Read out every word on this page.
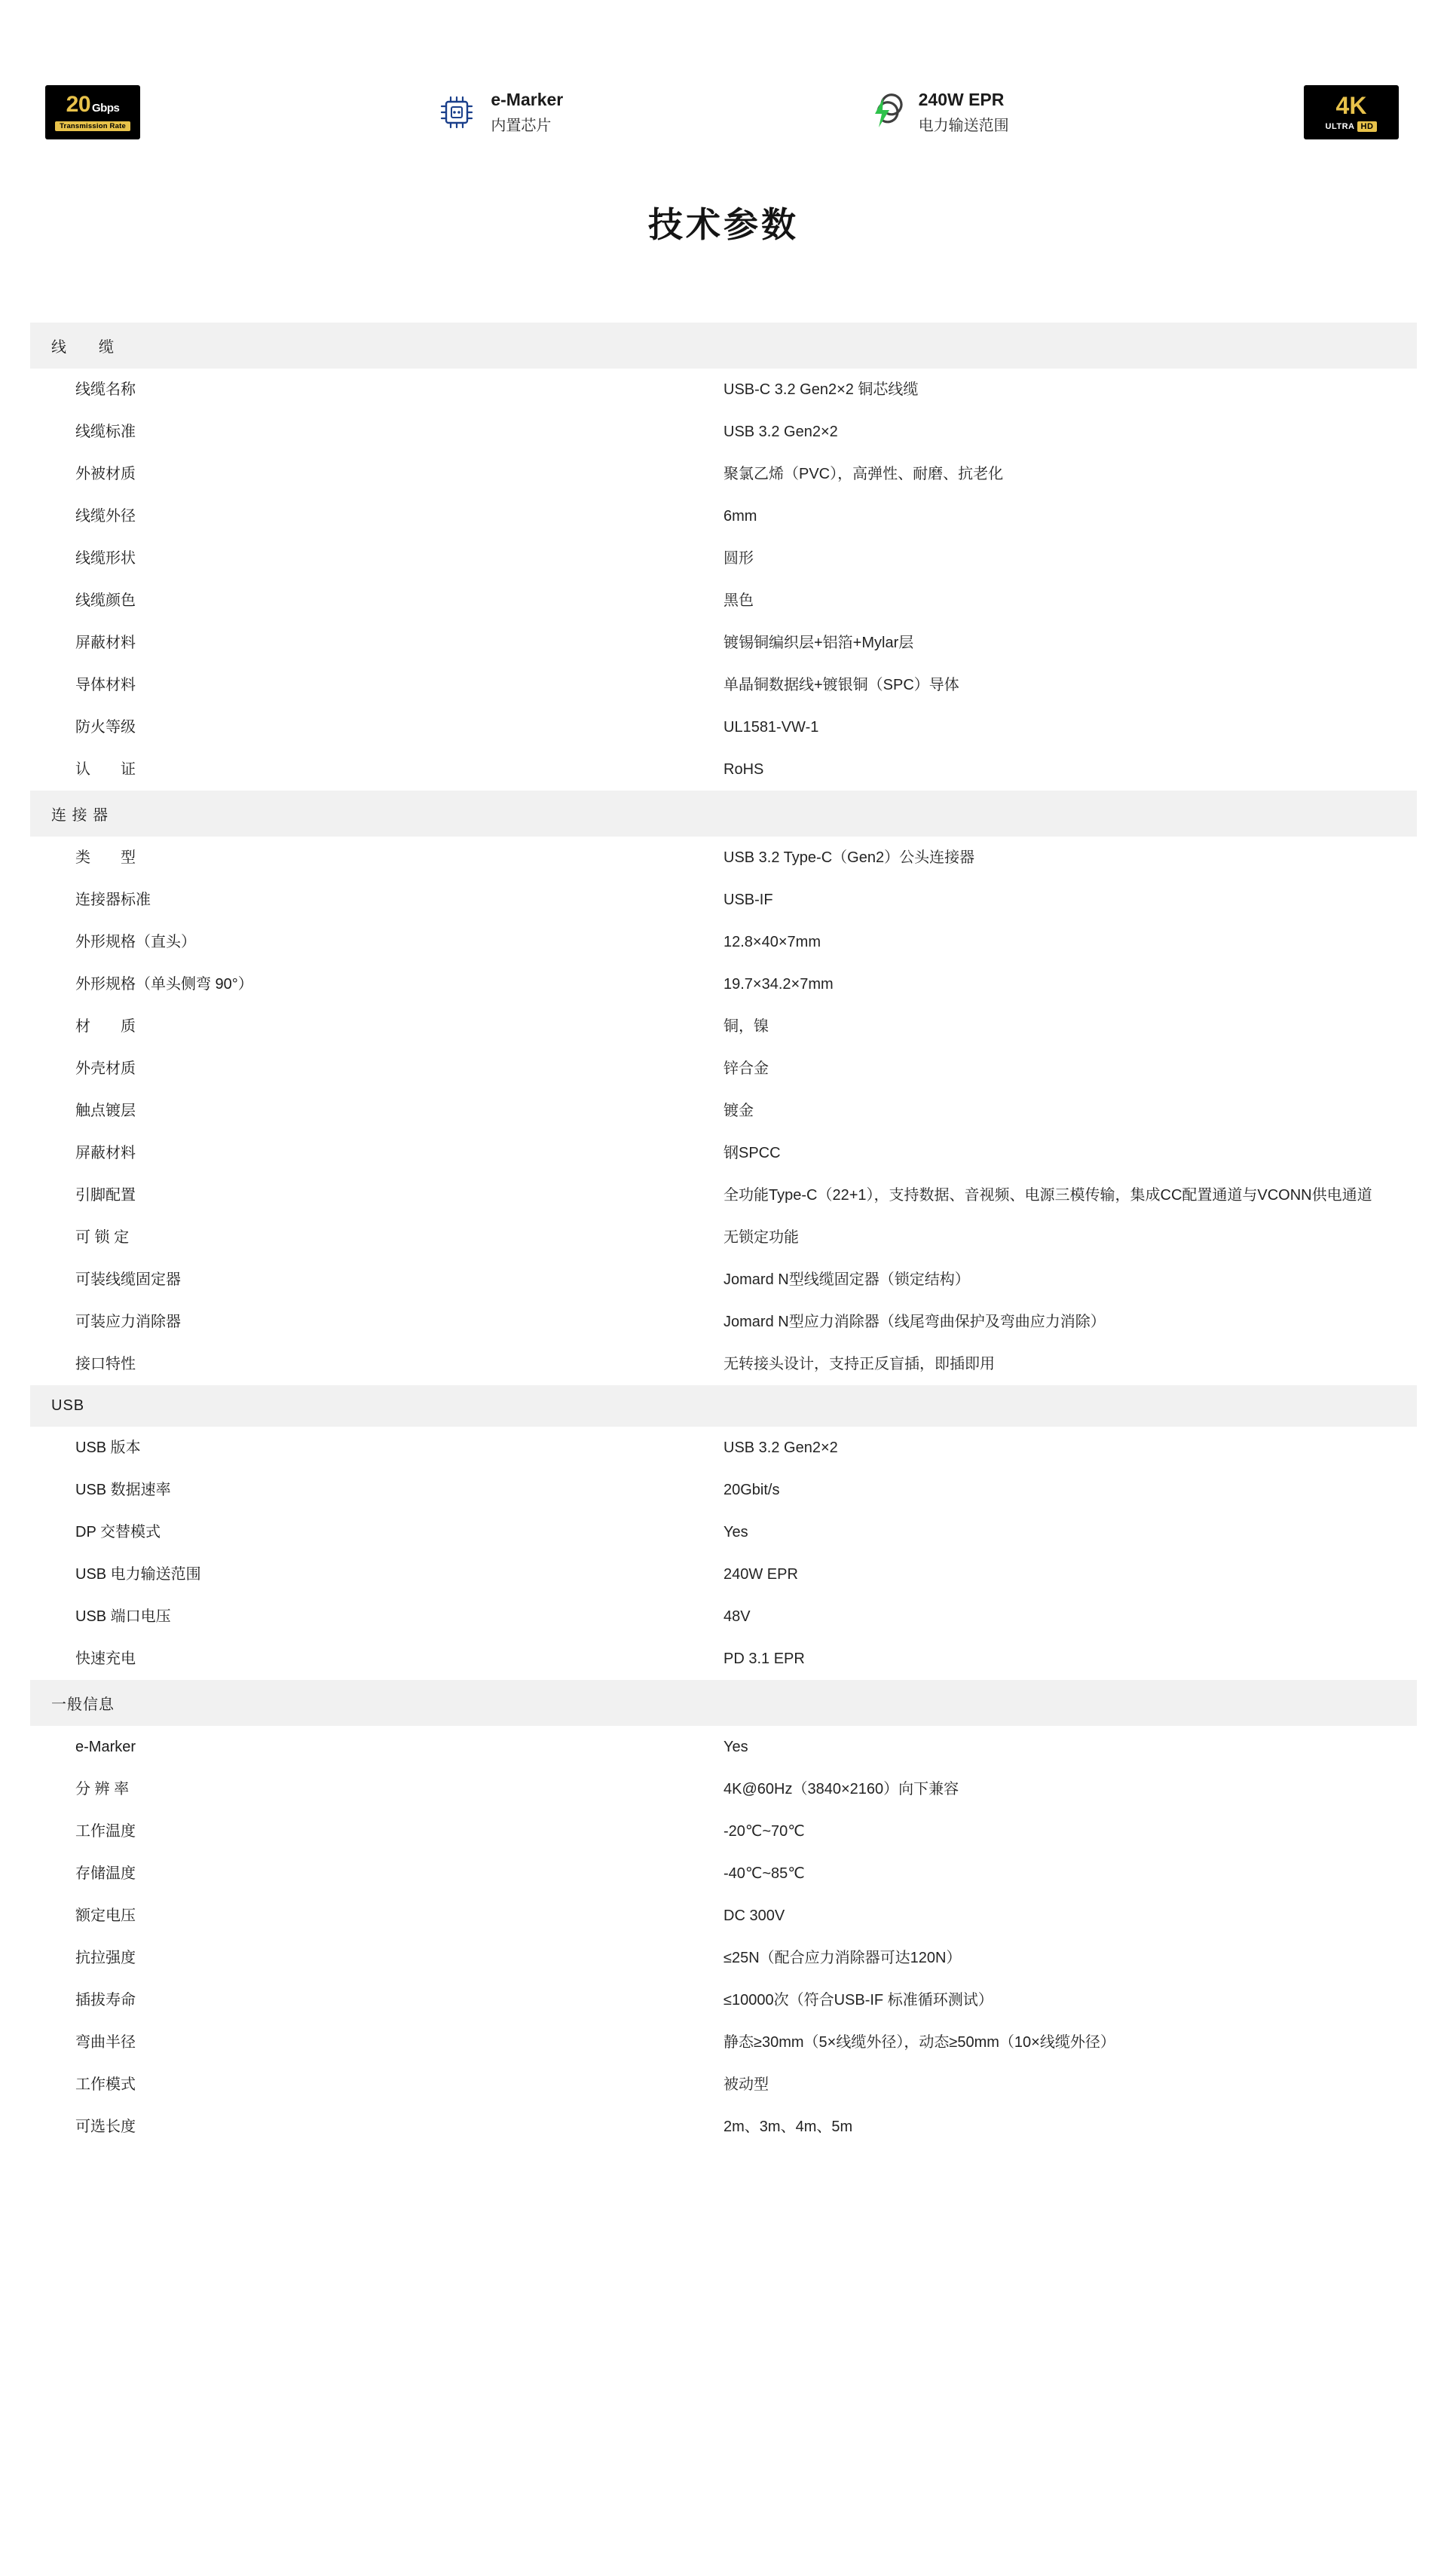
20 Gbps
Transmission Rate
e-Marker
内置芯片
240W EPR
电力输送范围
4K
ULTRA HD
技术参数
线　　缆	
线缆名称	USB-C 3.2 Gen2×2 铜芯线缆
线缆标准	USB 3.2 Gen2×2
外被材质	聚氯乙烯（PVC），高弹性、耐磨、抗老化
线缆外径	6mm
线缆形状	圆形
线缆颜色	黑色
屏蔽材料	镀锡铜编织层+铝箔+Mylar层
导体材料	单晶铜数据线+镀银铜（SPC）导体
防火等级	UL1581-VW-1
认　　证	RoHS
连 接 器	
类　　型	USB 3.2 Type-C（Gen2）公头连接器
连接器标准	USB-IF
外形规格（直头）	12.8×40×7mm
外形规格（单头侧弯 90°）	19.7×34.2×7mm
材　　质	铜，镍
外壳材质	锌合金
触点镀层	镀金
屏蔽材料	钢SPCC
引脚配置	全功能Type-C（22+1），支持数据、音视频、电源三模传输，集成CC配置通道与VCONN供电通道
可 锁 定	无锁定功能
可装线缆固定器	Jomard N型线缆固定器（锁定结构）
可装应力消除器	Jomard N型应力消除器（线尾弯曲保护及弯曲应力消除）
接口特性	无转接头设计，支持正反盲插，即插即用
USB	
USB 版本	USB 3.2 Gen2×2
USB 数据速率	20Gbit/s
DP 交替模式	Yes
USB 电力输送范围	240W EPR
USB 端口电压	48V
快速充电	PD 3.1 EPR
一般信息	
e-Marker	Yes
分 辨 率	4K@60Hz（3840×2160）向下兼容
工作温度	-20℃~70℃
存储温度	-40℃~85℃
额定电压	DC 300V
抗拉强度	≤25N（配合应力消除器可达120N）
插拔寿命	≤10000次（符合USB-IF 标准循环测试）
弯曲半径	静态≥30mm（5×线缆外径），动态≥50mm（10×线缆外径）
工作模式	被动型
可选长度	2m、3m、4m、5m
